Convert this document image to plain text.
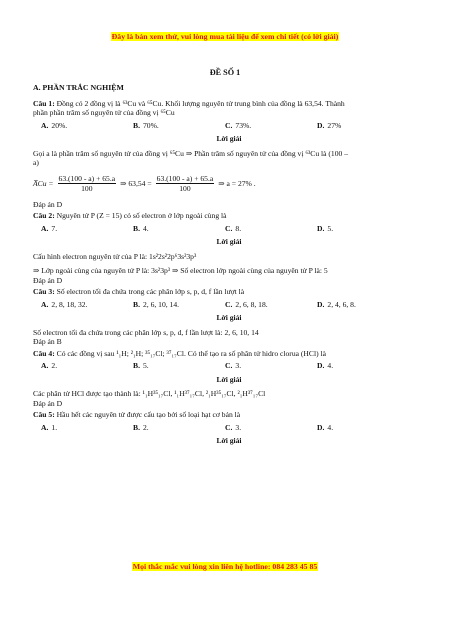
Đây là bản xem thử, vui lòng mua tài liệu để xem chi tiết (có lời giải)
ĐỀ SỐ 1
A. PHẦN TRẮC NGHIỆM

Câu 1: Đồng có 2 đồng vị là ⁶³Cu và ⁶⁵Cu. Khối lượng nguyên tử trung bình của đồng là 63,54. Thành

phần phần trăm số nguyên tử của đồng vị ⁶⁵Cu

A. 20%.	B. 70%.	C. 73%.	D. 27%
Lời giải

Gọi a là phần trăm số nguyên tử của đồng vị ⁶⁵Cu ⇒ Phần trăm số nguyên tử của đồng vị ⁶³Cu là (100 –

a)

A̅Cu = $\frac{63.(100 - a) + 65.a}{100}$ ⇒ $63,54 = \frac{63.(100 - a) + 65.a}{100}$ ⇒ a = 27% .

Đáp án D

Câu 2: Nguyên tử P (Z = 15) có số electron ở lớp ngoài cùng là

A. 7.	B. 4.	C. 8.	D. 5.
Lời giải

Cấu hình electron nguyên tử của P là: 1s²2s²2p⁶3s²3p³

⇒ Lớp ngoài cùng của nguyên tử P là: 3s²3p³ ⇒ Số electron lớp ngoài cùng của nguyên tử P là: 5

Đáp án D

Câu 3: Số electron tối đa chứa trong các phân lớp s, p, d, f lần lượt là

A. 2, 8, 18, 32.	B. 2, 6, 10, 14.	C. 2, 6, 8, 18.	D. 2, 4, 6, 8.
Lời giải

Số electron tối đa chứa trong các phân lớp s, p, d, f lần lượt là: 2, 6, 10, 14

Đáp án B

Câu 4: Có các đồng vị sau ¹₁H; ²₁H; ³⁵₁₇Cl; ³⁷₁₇Cl. Có thể tạo ra số phân tử hidro clorua (HCl) là

A. 2.	B. 5.	C. 3.	D. 4.
Lời giải

Các phân tử HCl được tạo thành là: ¹₁H³⁵₁₇Cl, ¹₁H³⁷₁₇Cl, ²₁H³⁵₁₇Cl, ²₁H³⁷₁₇Cl

Đáp án D

Câu 5: Hầu hết các nguyên tử được cấu tạo bởi số loại hạt cơ bản là

A. 1.	B. 2.	C. 3.	D. 4.
Lời giải
Mọi thắc mắc vui lòng xin liên hệ hotline: 084 283 45 85
